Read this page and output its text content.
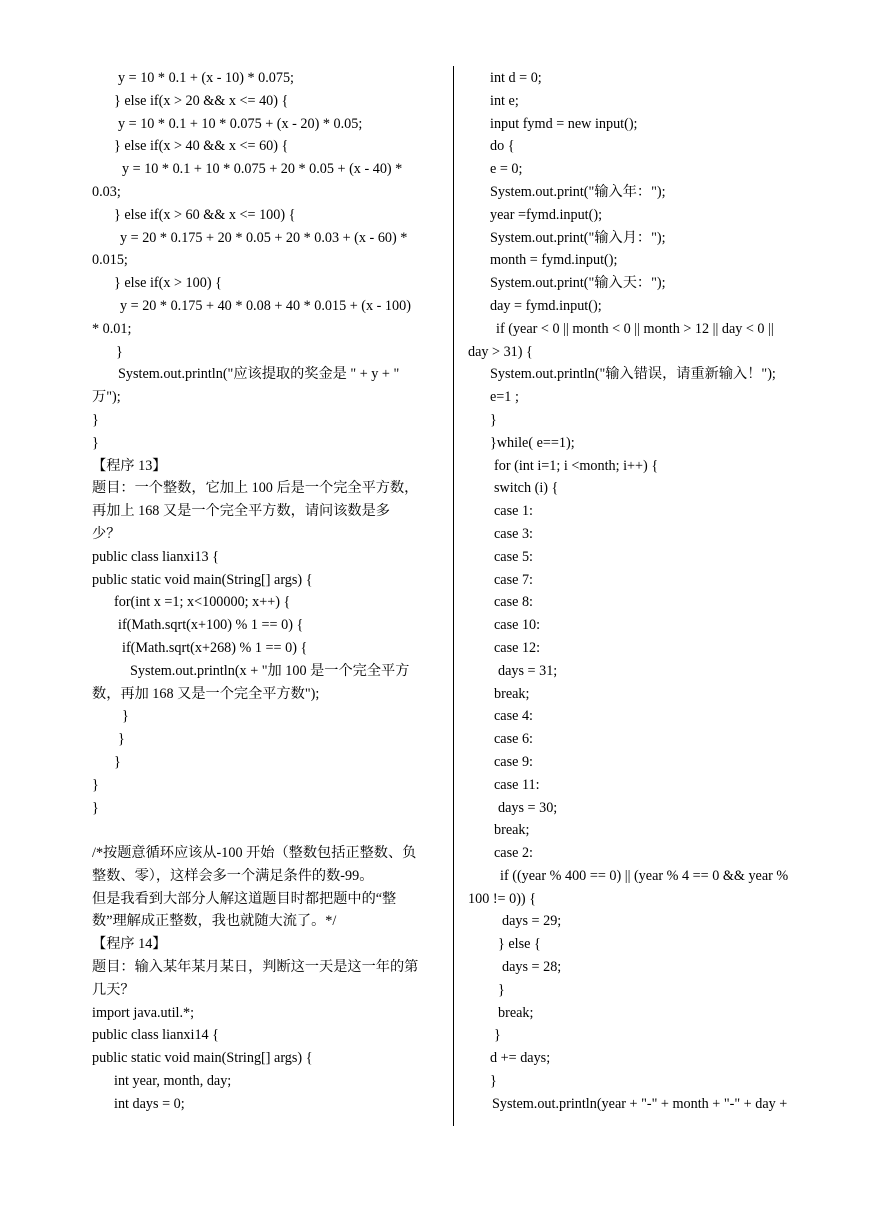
y = 10 * 0.1 + (x - 10) * 0.075;
} else if(x > 20 && x <= 40) {
y = 10 * 0.1 + 10 * 0.075 + (x - 20) * 0.05;
} else if(x > 40 && x <= 60) {
y = 10 * 0.1 + 10 * 0.075 + 20 * 0.05 + (x - 40) *
0.03;
} else if(x > 60 && x <= 100) {
y = 20 * 0.175 + 20 * 0.05 + 20 * 0.03 + (x - 60) *
0.015;
} else if(x > 100) {
y = 20 * 0.175 + 40 * 0.08 + 40 * 0.015 + (x - 100)
* 0.01;
}
System.out.println("应该提取的奖金是 " + y + "
万");
}
}
【程序 13】
题目：一个整数，它加上 100 后是一个完全平方数，
再加上 168 又是一个完全平方数，请问该数是多
少？
public class lianxi13 {
public static void main(String[] args) {
for(int x =1; x<100000; x++) {
if(Math.sqrt(x+100) % 1 == 0) {
if(Math.sqrt(x+268) % 1 == 0) {
System.out.println(x + "加 100 是一个完全平方
数，再加 168 又是一个完全平方数");
}
}
}
}
}

/*按题意循环应该从-100 开始（整数包括正整数、负
整数、零），这样会多一个满足条件的数-99。
但是我看到大部分人解这道题目时都把题中的“整
数”理解成正整数，我也就随大流了。*/
【程序 14】
题目：输入某年某月某日，判断这一天是这一年的第
几天？
import java.util.*;
public class lianxi14 {
public static void main(String[] args) {
int year, month, day;
int days = 0;
int d = 0;
int e;
input fymd = new input();
do {
e = 0;
System.out.print("输入年：");
year =fymd.input();
System.out.print("输入月：");
month = fymd.input();
System.out.print("输入天：");
day = fymd.input();
if (year < 0 || month < 0 || month > 12 || day < 0 ||
day > 31) {
System.out.println("输入错误，请重新输入！");
e=1 ;
}
}while( e==1);
for (int i=1; i <month; i++) {
switch (i) {
case 1:
case 3:
case 5:
case 7:
case 8:
case 10:
case 12:
days = 31;
break;
case 4:
case 6:
case 9:
case 11:
days = 30;
break;
case 2:
if ((year % 400 == 0) || (year % 4 == 0 && year %
100 != 0)) {
days = 29;
} else {
days = 28;
}
break;
}
d += days;
}
System.out.println(year + "-" + month + "-" + day +
